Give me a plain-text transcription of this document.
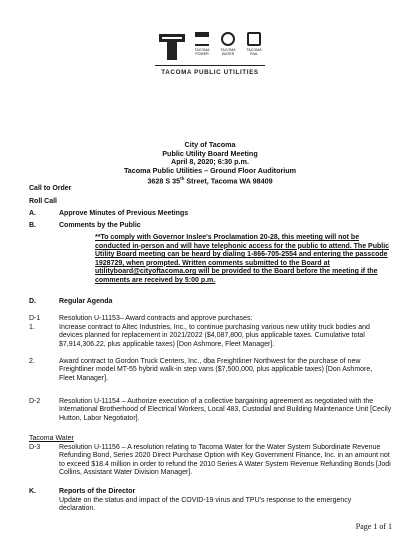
TACOMA POWER
TACOMA WATER
TACOMA RAIL
TACOMA PUBLIC UTILITIES
City of Tacoma
Public Utility Board Meeting
April 8, 2020; 6:30 p.m.
Tacoma Public Utilities – Ground Floor Auditorium
3628 S 35th Street, Tacoma WA 98409
Call to Order
Roll Call
A.	Approve Minutes of Previous Meetings
B.	Comments by the Public
**To comply with Governor Inslee's Proclamation 20-28, this meeting will not be conducted in-person and will have telephonic access for the public to attend. The Public Utility Board meeting can be heard by dialing 1-866-705-2554 and entering the passcode 1928729, when prompted. Written comments submitted to the Board at utilityboard@cityoftacoma.org will be provided to the Board before the meeting if the comments are received by 5:00 p.m.
D.	Regular Agenda
D-1	Resolution U-11153– Award contracts and approve purchases:
1.	Increase contract to Altec Industries, Inc., to continue purchasing various new utility truck bodies and devices planned for replacement in 2021/2022 ($4,087,800, plus applicable taxes. Cumulative total $7,914,306.22, plus applicable taxes) [Don Ashmore, Fleet Manager].
2.	Award contract to Gordon Truck Centers, Inc., dba Freightliner Northwest for the purchase of new Freightliner model MT-55 hybrid walk-in step vans ($7,500,000, plus applicable taxes) [Don Ashmore, Fleet Manager].
D-2	Resolution U-11154 – Authorize execution of a collective bargaining agreement as negotiated with the International Brotherhood of Electrical Workers, Local 483, Custodial and Building Maintenance Unit [Cecily Hutton, Labor Negotiator].
Tacoma Water
D-3	Resolution U-11156 – A resolution relating to Tacoma Water for the Water System Subordinate Revenue Refunding Bond, Series 2020 Direct Purchase Option with Key Government Finance, Inc. in an amount not to exceed $18.4 million in order to refund the 2010 Series A Water System Revenue Refunding Bonds [Jodi Collins, Assistant Water Division Manager].
K.	Reports of the Director
Update on the status and impact of the COVID-19 virus and TPU's response to the emergency declaration.
Page 1 of 1
